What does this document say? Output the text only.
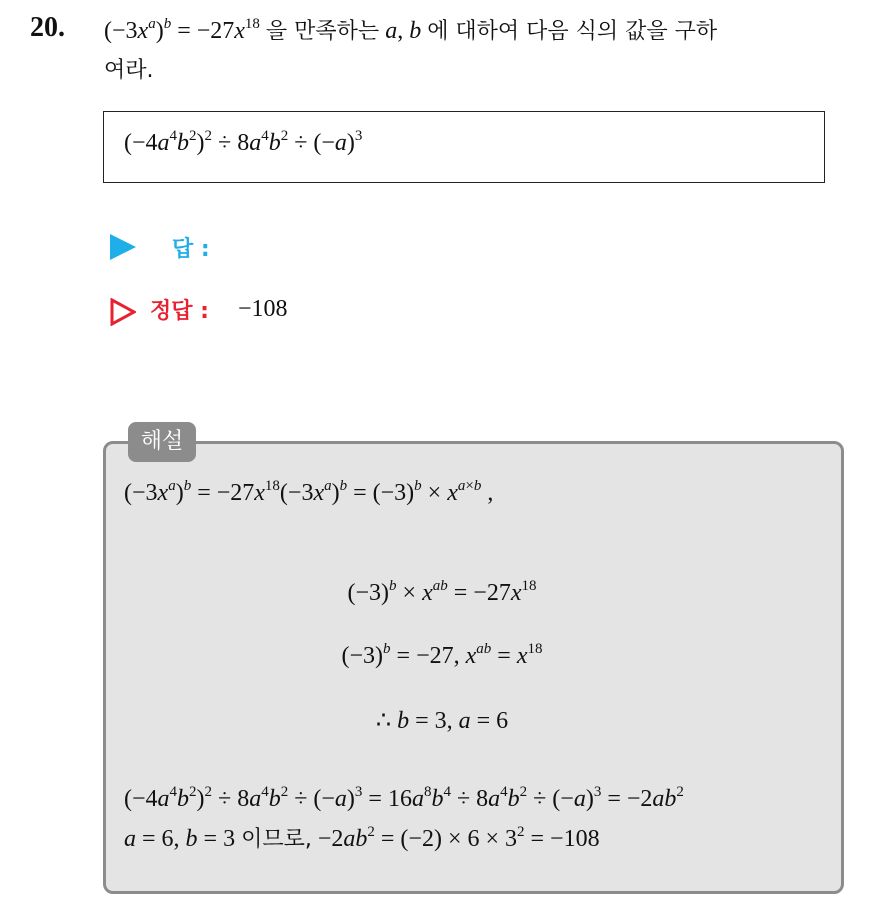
20. $(-3x^a)^b = -27x^{18}$ 을 만족하는 a, b 에 대하여 다음 식의 값을 구하
여라.
$(-4a^4b^2)^2 \div 8a^4b^2 \div (-a)^3$
답 :
정답 : −108
해설
$(-3x^a)^b = -27x^{18}(-3x^a)^b = (-3)^b \times x^{a\times b}$ ,
$(-3)^b \times x^{ab} = -27x^{18}$
$(-3)^b = -27$, $x^{ab} = x^{18}$
∴ b = 3, a = 6
$(-4a^4b^2)^2 \div 8a^4b^2 \div (-a)^3 = 16a^8b^4 \div 8a^4b^2 \div (-a)^3 = -2ab^2$
a = 6, b = 3 이므로, $-2ab^2 = (-2) \times 6 \times 3^2 = -108$
